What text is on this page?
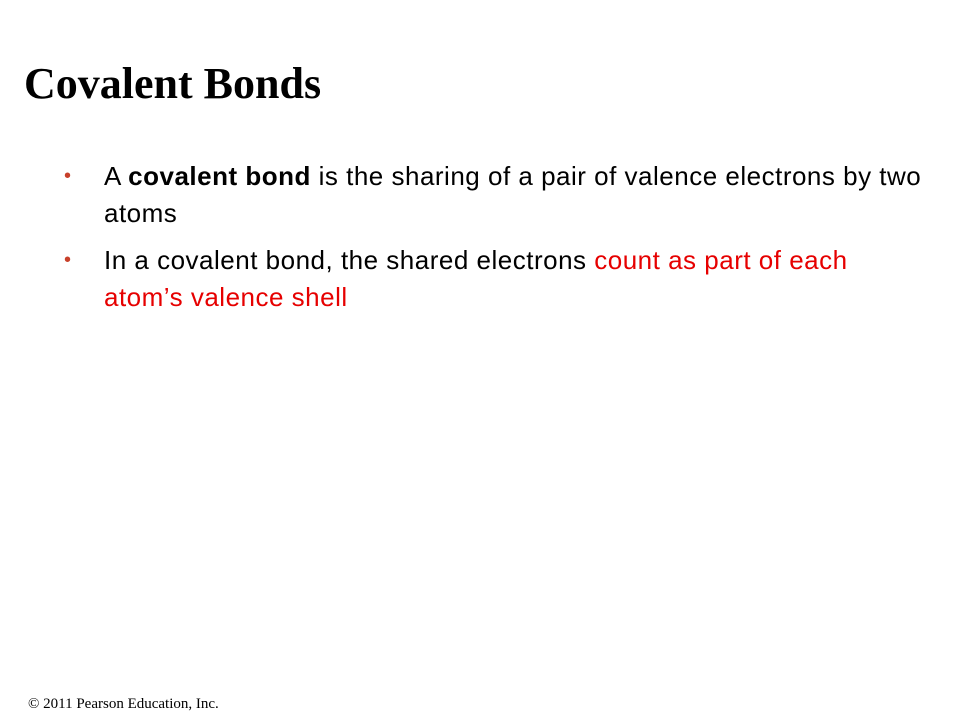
Covalent Bonds
• A covalent bond is the sharing of a pair of valence electrons by two atoms
• In a covalent bond, the shared electrons count as part of each atom’s valence shell
© 2011 Pearson Education, Inc.
